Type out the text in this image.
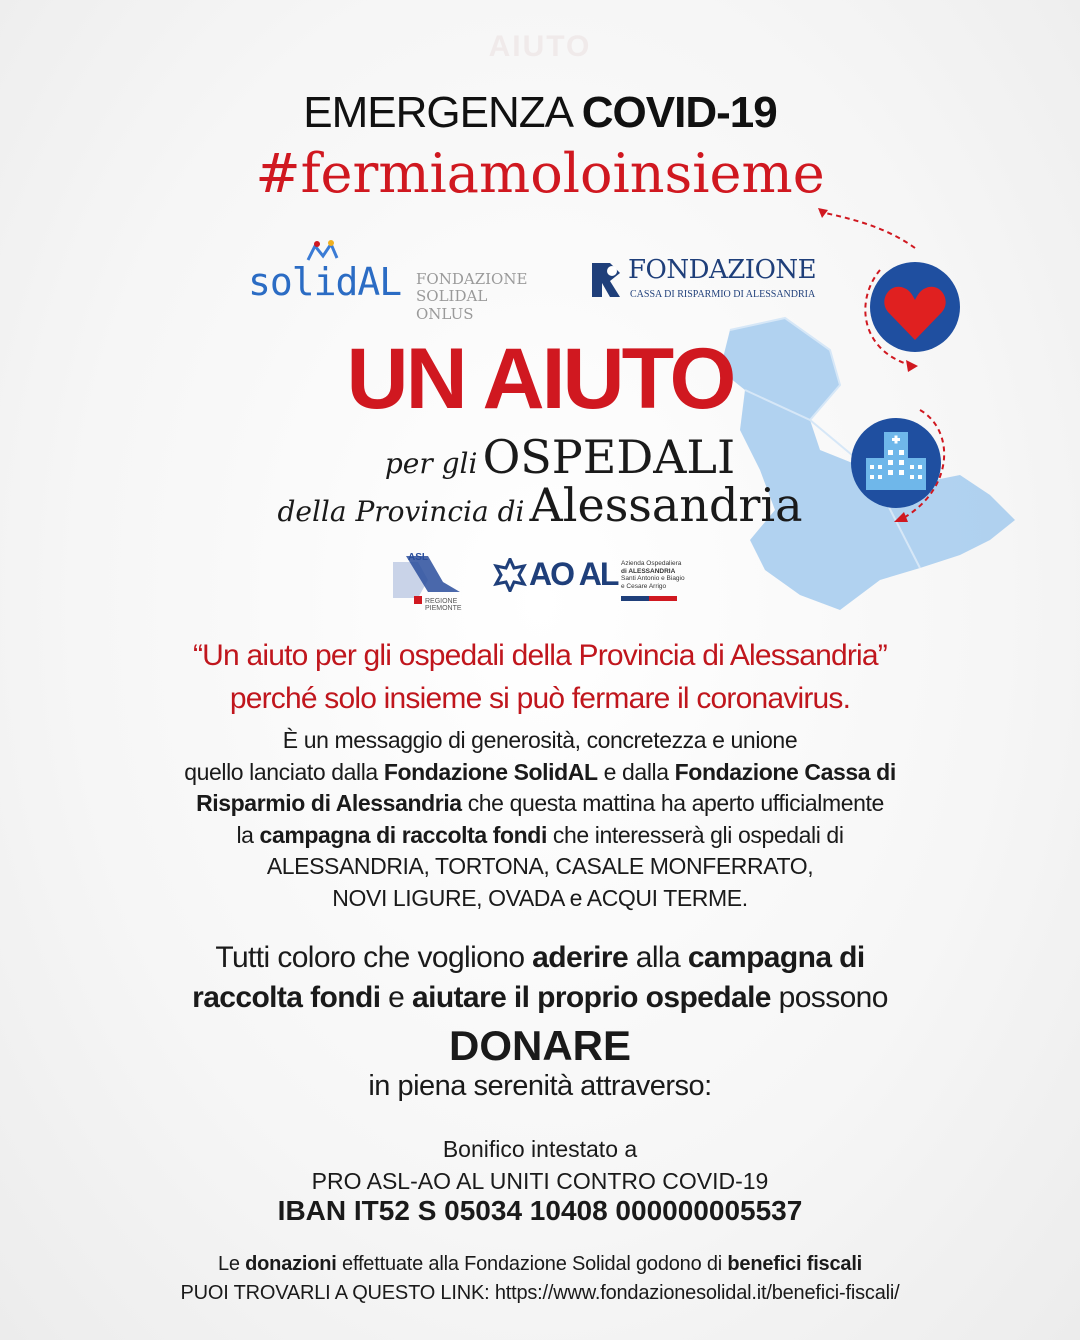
AIUTO
EMERGENZA COVID-19
#fermiamoloinsieme
solidAL FONDAZIONE
SOLIDAL ONLUS
FONDAZIONE
CASSA DI RISPARMIO DI ALESSANDRIA
UN AIUTO
per gli OSPEDALI
della Provincia di Alessandria
ASL
REGIONE PIEMONTE
AO AL Azienda Ospedaliera
di ALESSANDRIA
Santi Antonio e Biagio
e Cesare Arrigo
“Un aiuto per gli ospedali della Provincia di Alessandria”
perché solo insieme si può fermare il coronavirus.
È un messaggio di generosità, concretezza e unione
quello lanciato dalla Fondazione SolidAL e dalla Fondazione Cassa di
Risparmio di Alessandria che questa mattina ha aperto ufficialmente
la campagna di raccolta fondi che interesserà gli ospedali di
ALESSANDRIA, TORTONA, CASALE MONFERRATO,
NOVI LIGURE, OVADA e ACQUI TERME.
Tutti coloro che vogliono aderire alla campagna di
raccolta fondi e aiutare il proprio ospedale possono
DONARE
in piena serenità attraverso:
Bonifico intestato a
PRO ASL-AO AL UNITI CONTRO COVID-19
IBAN IT52 S 05034 10408 000000005537
Le donazioni effettuate alla Fondazione Solidal godono di benefici fiscali
PUOI TROVARLI A QUESTO LINK: https://www.fondazionesolidal.it/benefici-fiscali/
